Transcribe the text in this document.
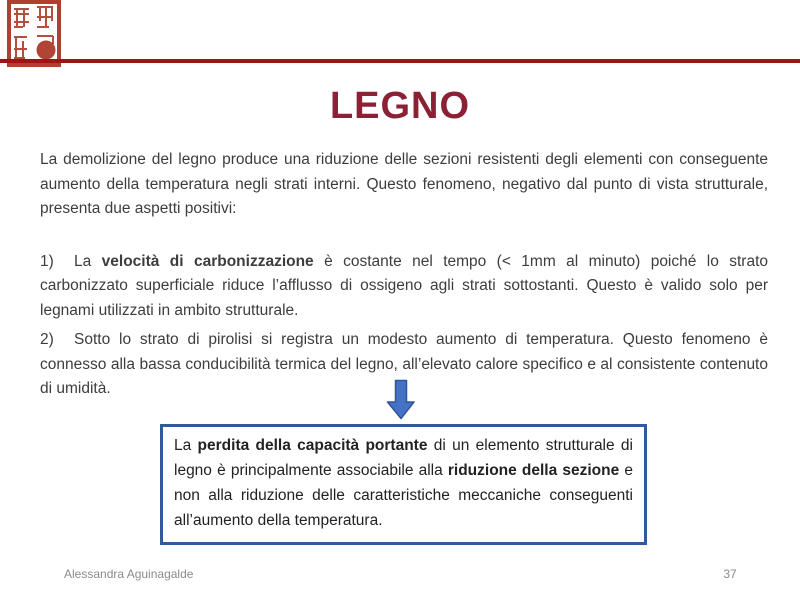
LEGNO

La demolizione del legno produce una riduzione delle sezioni resistenti degli elementi con conseguente aumento della temperatura negli strati interni. Questo fenomeno, negativo dal punto di vista strutturale, presenta due aspetti positivi:

1) La velocità di carbonizzazione è costante nel tempo (< 1mm al minuto) poiché lo strato carbonizzato superficiale riduce l’afflusso di ossigeno agli strati sottostanti. Questo è valido solo per legnami utilizzati in ambito strutturale.

2) Sotto lo strato di pirolisi si registra un modesto aumento di temperatura. Questo fenomeno è connesso alla bassa conducibilità termica del legno, all’elevato calore specifico e al consistente contenuto di umidità.

La perdita della capacità portante di un elemento strutturale di legno è principalmente associabile alla riduzione della sezione e non alla riduzione delle caratteristiche meccaniche conseguenti all’aumento della temperatura.
Alessandra Aguinagalde	37
